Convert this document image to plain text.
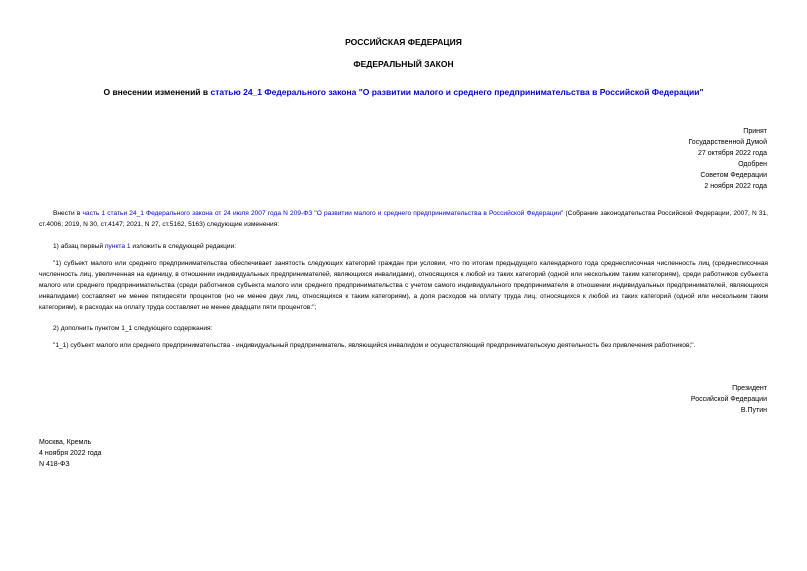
РОССИЙСКАЯ ФЕДЕРАЦИЯ
ФЕДЕРАЛЬНЫЙ ЗАКОН
О внесении изменений в статью 24_1 Федерального закона "О развитии малого и среднего предпринимательства в Российской Федерации"
Принят
Государственной Думой
27 октября 2022 года
Одобрен
Советом Федерации
2 ноября 2022 года
Внести в часть 1 статьи 24_1 Федерального закона от 24 июля 2007 года N 209-ФЗ "О развитии малого и среднего предпринимательства в Российской Федерации" (Собрание законодательства Российской Федерации, 2007, N 31, ст.4006; 2019, N 30, ст.4147; 2021, N 27, ст.5162, 5163) следующие изменения:
1) абзац первый пункта 1 изложить в следующей редакции:
"1) субъект малого или среднего предпринимательства обеспечивает занятость следующих категорий граждан при условии, что по итогам предыдущего календарного года среднесписочная численность лиц (среднесписочная численность лиц, увеличенная на единицу, в отношении индивидуальных предпринимателей, являющихся инвалидами), относящихся к любой из таких категорий (одной или нескольким таким категориям), среди работников субъекта малого или среднего предпринимательства (среди работников субъекта малого или среднего предпринимательства с учетом самого индивидуального предпринимателя в отношении индивидуальных предпринимателей, являющихся инвалидами) составляет не менее пятидесяти процентов (но не менее двух лиц, относящихся к таким категориям), а доля расходов на оплату труда лиц, относящихся к любой из таких категорий (одной или нескольким таким категориям), в расходах на оплату труда составляет не менее двадцати пяти процентов:";
2) дополнить пунктом 1_1 следующего содержания:
"1_1) субъект малого или среднего предпринимательства - индивидуальный предприниматель, являющийся инвалидом и осуществляющий предпринимательскую деятельность без привлечения работников;".
Президент
Российской Федерации
В.Путин
Москва, Кремль
4 ноября 2022 года
N 418-ФЗ
